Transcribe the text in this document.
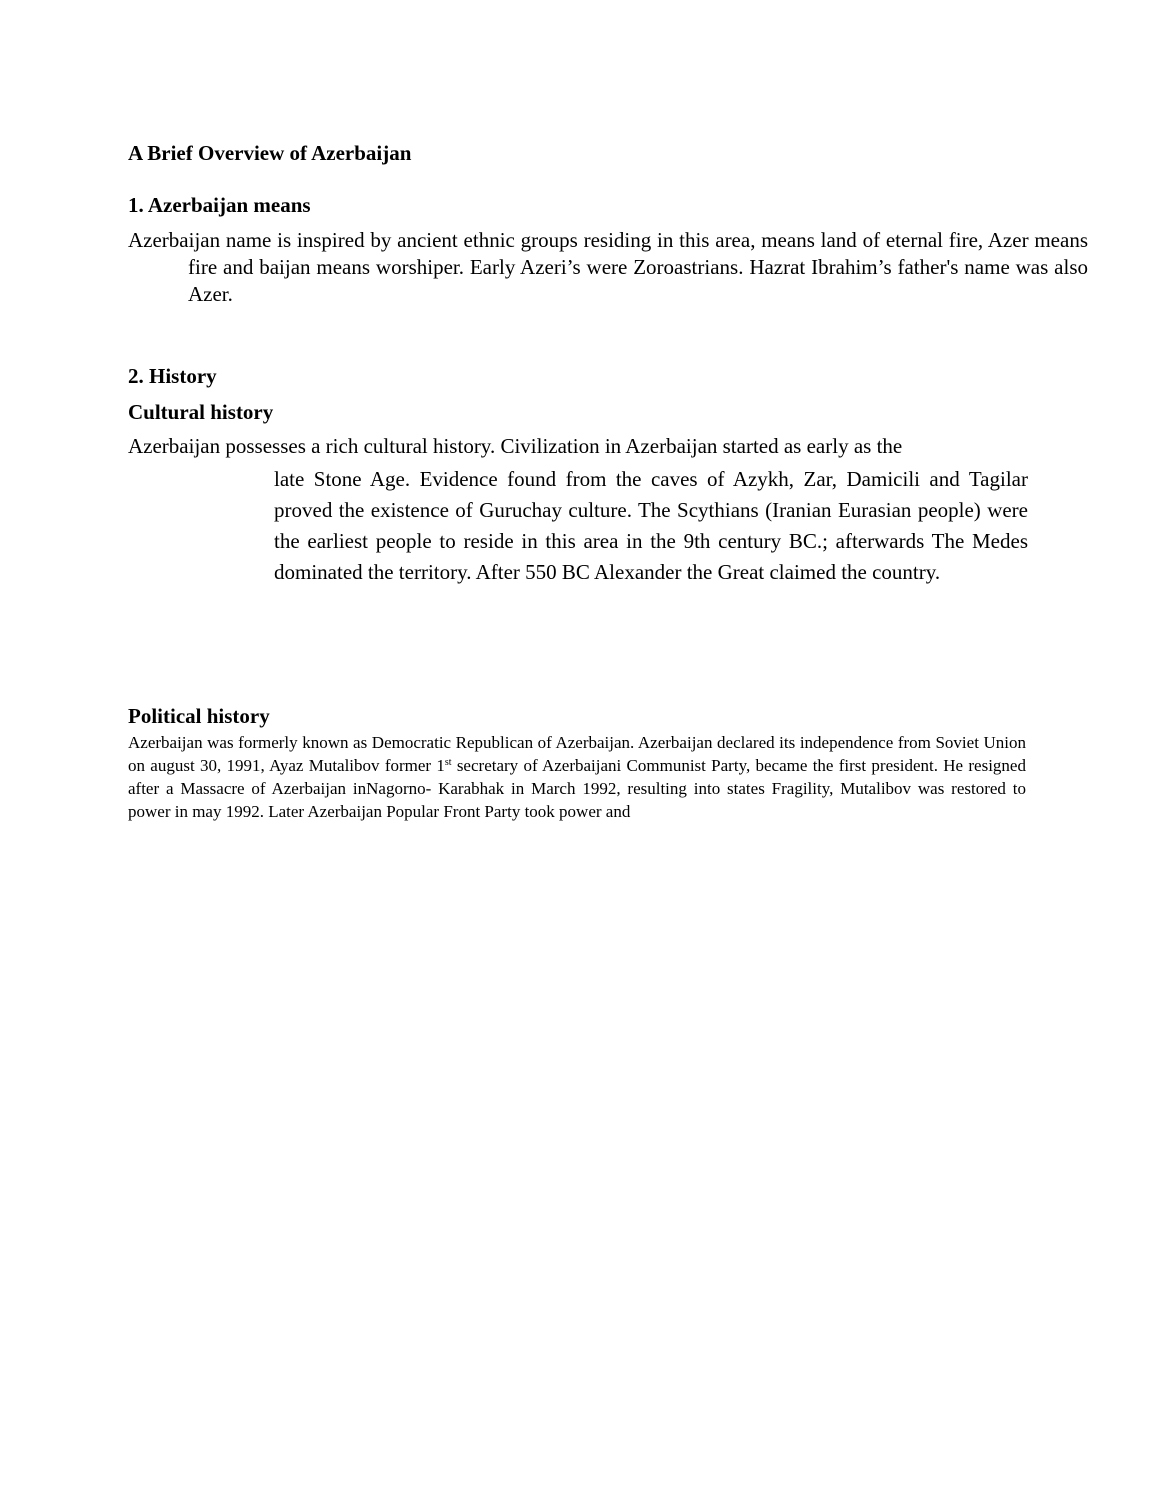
A Brief Overview of Azerbaijan
1. Azerbaijan means

Azerbaijan name is inspired by ancient ethnic groups residing in this area, means land of eternal fire, Azer means fire and baijan means worshiper. Early Azeri’s were Zoroastrians. Hazrat Ibrahim’s father's name was also Azer.

2. History
Cultural history

Azerbaijan possesses a rich cultural history. Civilization in Azerbaijan started as early as the

late Stone Age. Evidence found from the caves of Azykh, Zar, Damicili and Tagilar proved the existence of Guruchay culture. The Scythians (Iranian Eurasian people) were the earliest people to reside in this area in the 9th century BC.; afterwards The Medes dominated the territory. After 550 BC Alexander the Great claimed the country.

Political history

Azerbaijan was formerly known as Democratic Republican of Azerbaijan. Azerbaijan declared its independence from Soviet Union on august 30, 1991, Ayaz Mutalibov former 1st secretary of Azerbaijani Communist Party, became the first president. He resigned after a Massacre of Azerbaijan inNagorno- Karabhak in March 1992, resulting into states Fragility, Mutalibov was restored to power in may 1992. Later Azerbaijan Popular Front Party took power and
